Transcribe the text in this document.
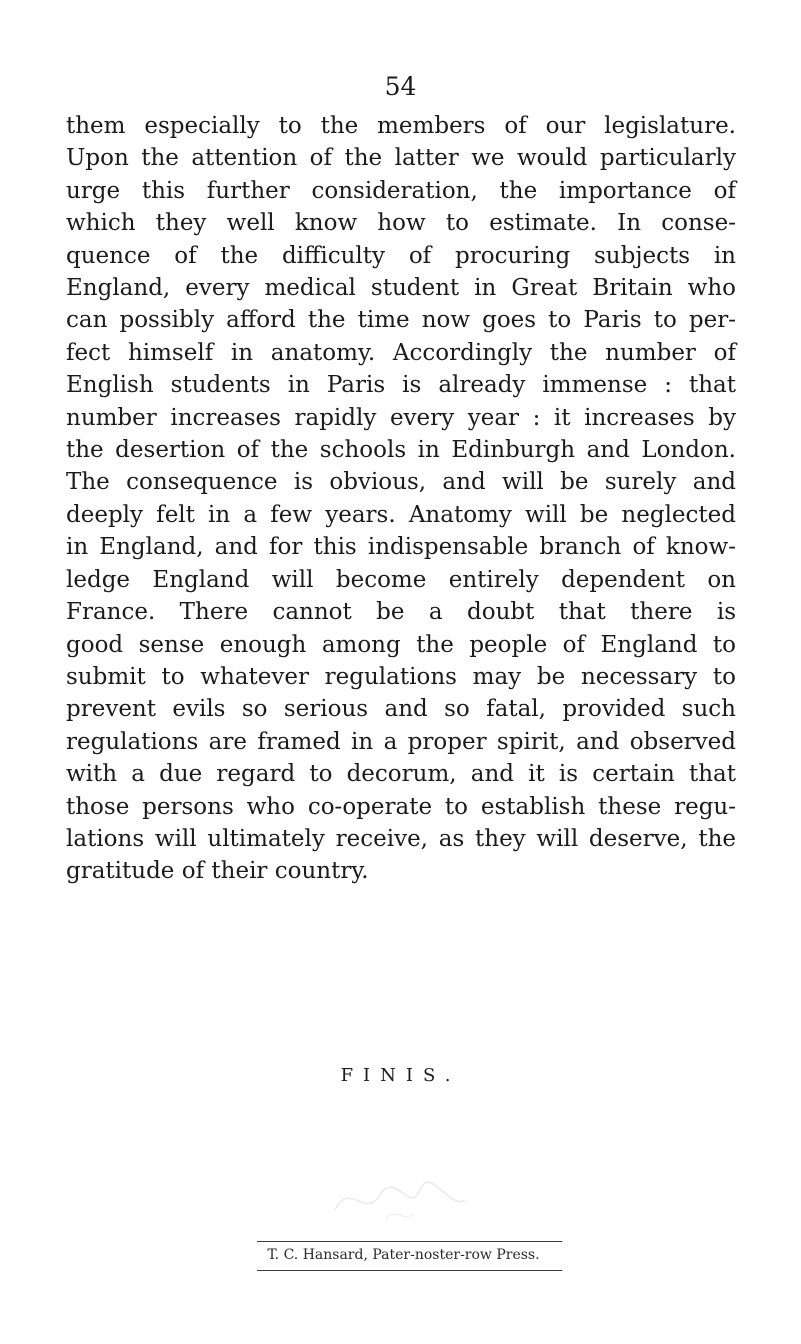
54
them especially to the members of our legislature.
Upon the attention of the latter we would particularly
urge this further consideration, the importance of
which they well know how to estimate. In conse-
quence of the difficulty of procuring subjects in
England, every medical student in Great Britain who
can possibly afford the time now goes to Paris to per-
fect himself in anatomy. Accordingly the number of
English students in Paris is already immense : that
number increases rapidly every year : it increases by
the desertion of the schools in Edinburgh and London.
The consequence is obvious, and will be surely and
deeply felt in a few years. Anatomy will be neglected
in England, and for this indispensable branch of know-
ledge England will become entirely dependent on
France. There cannot be a doubt that there is
good sense enough among the people of England to
submit to whatever regulations may be necessary to
prevent evils so serious and so fatal, provided such
regulations are framed in a proper spirit, and observed
with a due regard to decorum, and it is certain that
those persons who co-operate to establish these regu-
lations will ultimately receive, as they will deserve, the
gratitude of their country.
FINIS.
T. C. Hansard, Pater-noster-row Press.
